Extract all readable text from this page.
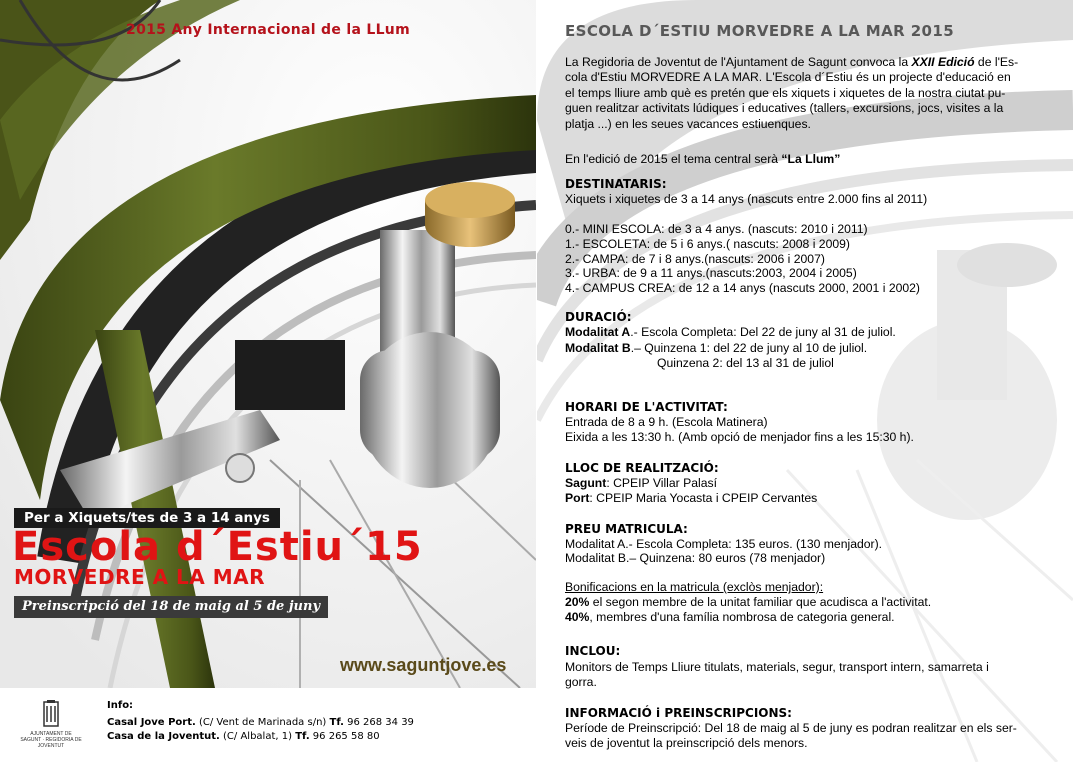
2015 Any Internacional de la LLum
Per a Xiquets/tes de 3 a 14 anys
Escola d´Estiu´15
MORVEDRE A LA MAR
Preinscripció del 18 de maig al 5 de juny
www.saguntjove.es
AJUNTAMENT DE SAGUNT · REGIDORIA DE JOVENTUT
Info:
Casal Jove Port. (C/ Vent de Marinada s/n) Tf. 96 268 34 39
Casa de la Joventut. (C/ Albalat, 1) Tf. 96 265 58 80
ESCOLA D´ESTIU MORVEDRE A LA MAR 2015
La Regidoria de Joventut de l'Ajuntament de Sagunt convoca la XXII Edició de l'Es-
cola d'Estiu MORVEDRE A LA MAR. L'Escola d´Estiu és un projecte d'educació en
el temps lliure amb què es pretén que els xiquets i xiquetes de la nostra ciutat pu-
guen realitzar activitats lúdiques i educatives (tallers, excursions, jocs, visites a la
platja ...) en les seues vacances estiuenques.
En l'edició de 2015 el tema central serà “La Llum”
DESTINATARIS:
Xiquets i xiquetes de 3 a 14 anys (nascuts entre 2.000 fins al 2011)
0.- MINI ESCOLA: de 3 a 4 anys. (nascuts: 2010 i 2011)
1.- ESCOLETA: de 5 i 6 anys.( nascuts: 2008 i 2009)
2.- CAMPA: de 7 i 8 anys.(nascuts: 2006 i 2007)
3.- URBA: de 9 a 11 anys.(nascuts:2003, 2004 i 2005)
4.- CAMPUS CREA: de 12 a 14 anys (nascuts 2000, 2001 i 2002)
DURACIÓ:
Modalitat A.- Escola Completa: Del 22 de juny al 31 de juliol.
Modalitat B.– Quinzena 1: del 22 de juny al 10 de juliol.
Quinzena 2: del 13 al 31 de juliol
HORARI DE L'ACTIVITAT:
Entrada de 8 a 9 h. (Escola Matinera)
Eixida a les 13:30 h. (Amb opció de menjador fins a les 15:30 h).
LLOC DE REALITZACIÓ:
Sagunt: CPEIP Villar Palasí
Port: CPEIP Maria Yocasta i CPEIP Cervantes
PREU MATRICULA:
Modalitat A.- Escola Completa: 135 euros. (130 menjador).
Modalitat B.– Quinzena: 80 euros (78 menjador)
Bonificacions en la matricula (exclòs menjador):
20% el segon membre de la unitat familiar que acudisca a l'activitat.
40%, membres d'una família nombrosa de categoria general.
INCLOU:
Monitors de Temps Lliure titulats, materials, segur, transport intern, samarreta i
gorra.
INFORMACIÓ i PREINSCRIPCIONS:
Període de Preinscripció: Del 18 de maig al 5 de juny es podran realitzar en els ser-
veis de joventut la preinscripció dels menors.
